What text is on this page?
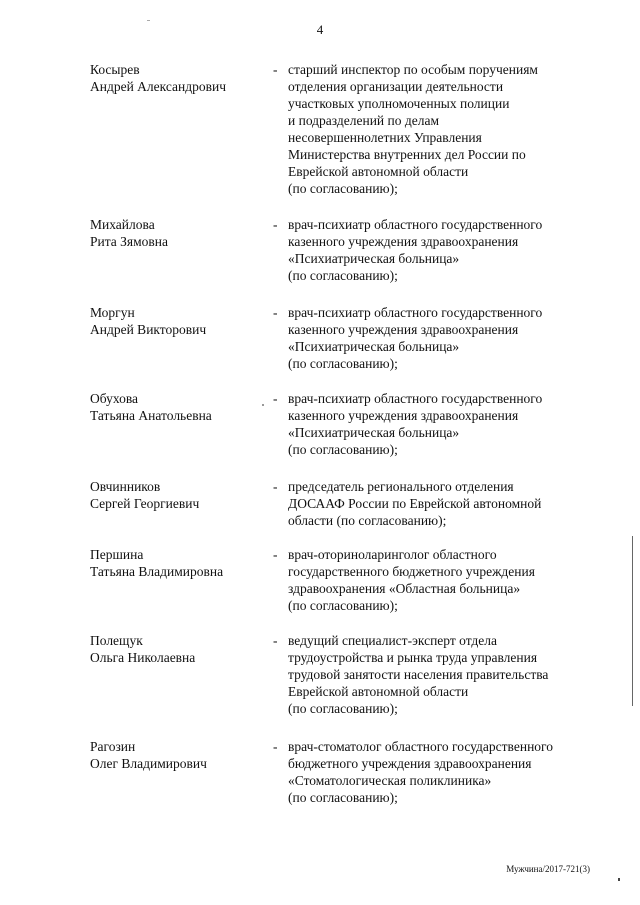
4
Косырев
Андрей Александрович
- старший инспектор по особым поручениям
отделения организации деятельности
участковых уполномоченных полиции
и подразделений по делам
несовершеннолетних Управления
Министерства внутренних дел России по
Еврейской автономной области
(по согласованию);
Михайлова
Рита Зямовна
- врач-психиатр областного государственного
казенного учреждения здравоохранения
«Психиатрическая больница»
(по согласованию);
Моргун
Андрей Викторович
- врач-психиатр областного государственного
казенного учреждения здравоохранения
«Психиатрическая больница»
(по согласованию);
Обухова
Татьяна Анатольевна
- врач-психиатр областного государственного
казенного учреждения здравоохранения
«Психиатрическая больница»
(по согласованию);
Овчинников
Сергей Георгиевич
- председатель регионального отделения
ДОСААФ России по Еврейской автономной
области (по согласованию);
Першина
Татьяна Владимировна
- врач-оториноларинголог областного
государственного бюджетного учреждения
здравоохранения «Областная больница»
(по согласованию);
Полещук
Ольга Николаевна
- ведущий специалист-эксперт отдела
трудоустройства и рынка труда управления
трудовой занятости населения правительства
Еврейской автономной области
(по согласованию);
Рагозин
Олег Владимирович
- врач-стоматолог областного государственного
бюджетного учреждения здравоохранения
«Стоматологическая поликлиника»
(по согласованию);
Мужчина/2017-721(3)
